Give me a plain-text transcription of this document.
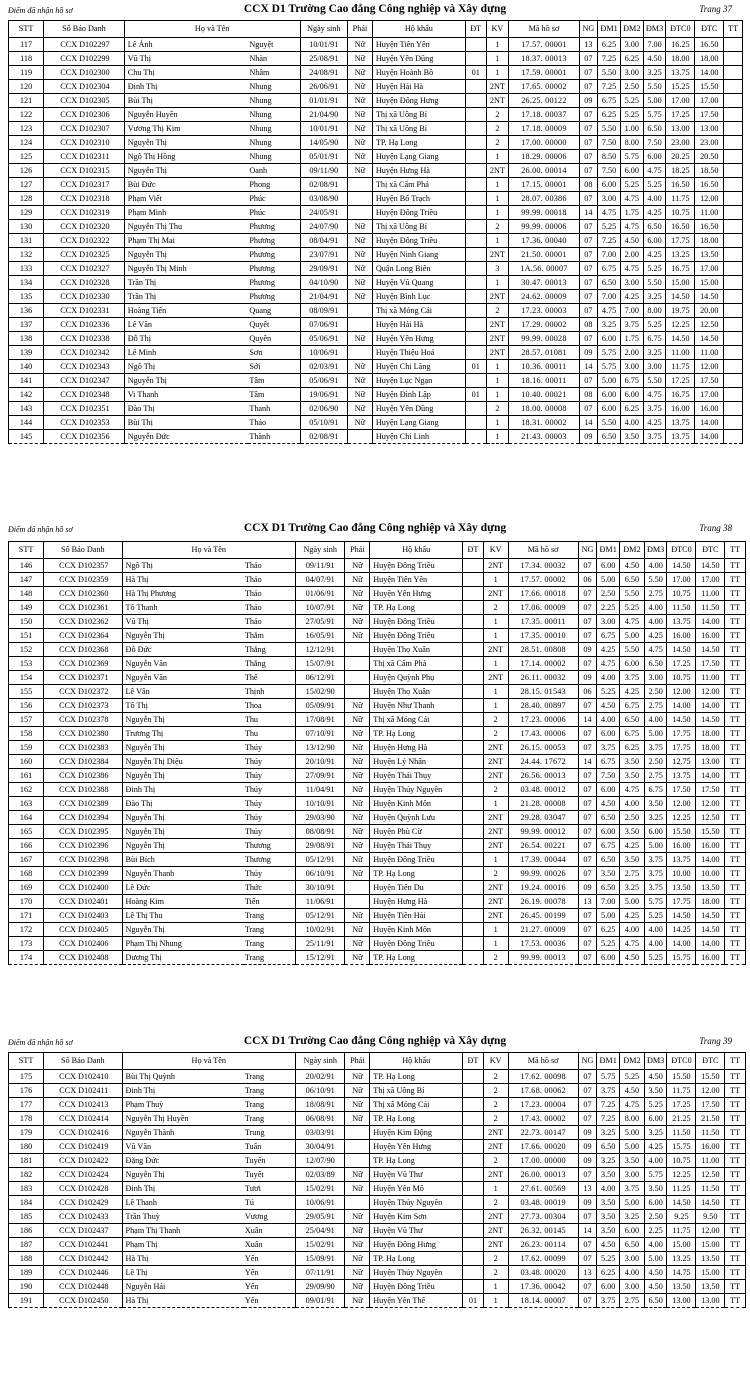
Điểm đã nhận hồ sơ	CCX D1 Trường Cao đẳng Công nghiệp và Xây dựng	Trang 37
STT	Số Báo Danh	Họ và Tên		Ngày sinh	Phái	Hộ khẩu	ĐT	KV	Mã hồ sơ	NG	ĐM1	ĐM2	ĐM3	ĐTC0	ĐTC	TT
117	CCX D102297	Lê Ánh	Nguyệt	10/01/91	Nữ	Huyện Tiên Yên		1	17.57. 00001	13	6.25	3.00	7.00	16.25	16.50	
118	CCX D102299	Vũ Thị	Nhàn	25/08/91	Nữ	Huyện Yên Dũng		1	18.37. 00013	07	7.25	6.25	4.50	18.00	18.00	
119	CCX D102300	Chu Thị	Nhâm	24/08/91	Nữ	Huyện Hoành Bồ	01	1	17.59. 00001	07	5.50	3.00	3.25	13.75	14.00	
120	CCX D102304	Đinh Thị	Nhung	26/06/91	Nữ	Huyện Hải Hà		2NT	17.65. 00002	07	7.25	2.50	5.50	15.25	15.50	
121	CCX D102305	Bùi Thị	Nhung	01/01/91	Nữ	Huyện Đông Hưng		2NT	26.25. 00122	09	6.75	5.25	5.00	17.00	17.00	
122	CCX D102306	Nguyễn Huyền	Nhung	21/04/90	Nữ	Thị xã Uông Bí		2	17.18. 00037	07	6.25	5.25	5.75	17.25	17.50	
123	CCX D102307	Vương Thị Kim	Nhung	10/01/91	Nữ	Thị xã Uông Bí		2	17.18. 00009	07	5.50	1.00	6.50	13.00	13.00	
124	CCX D102310	Nguyễn Thị	Nhung	14/05/90	Nữ	TP. Hạ Long		2	17.00. 00000	07	7.50	8.00	7.50	23.00	23.00	
125	CCX D102311	Ngô Thị Hồng	Nhung	05/01/91	Nữ	Huyện Lạng Giang		1	18.29. 00006	07	8.50	5.75	6.00	20.25	20.50	
126	CCX D102315	Nguyễn Thị	Oanh	09/11/90	Nữ	Huyện Hưng Hà		2NT	26.00. 00014	07	7.50	6.00	4.75	18.25	18.50	
127	CCX D102317	Bùi Đức	Phong	02/08/91		Thị xã Cẩm Phả		1	17.15. 00001	08	6.00	5.25	5.25	16.50	16.50	
128	CCX D102318	Phạm Viết	Phúc	03/08/90		Huyện Bố Trạch		1	28.07. 00386	07	3.00	4.75	4.00	11.75	12.00	
129	CCX D102319	Phạm Minh	Phúc	24/05/91		Huyện Đông Triều		1	99.99. 00018	14	4.75	1.75	4.25	10.75	11.00	
130	CCX D102320	Nguyễn Thị Thu	Phương	24/07/90	Nữ	Thị xã Uông Bí		2	99.99. 00006	07	5.25	4.75	6.50	16.50	16.50	
131	CCX D102322	Phạm Thị Mai	Phương	08/04/91	Nữ	Huyện Đông Triều		1	17.36. 00040	07	7.25	4.50	6.00	17.75	18.00	
132	CCX D102325	Nguyễn Thị	Phương	23/07/91	Nữ	Huyện Ninh Giang		2NT	21.50. 00001	07	7.00	2.00	4.25	13.25	13.50	
133	CCX D102327	Nguyễn Thị Minh	Phương	29/09/91	Nữ	Quận Long Biên		3	1A.56. 00007	07	6.75	4.75	5.25	16.75	17.00	
134	CCX D102328	Trần Thị	Phương	04/10/90	Nữ	Huyện Vũ Quang		1	30.47. 00013	07	6.50	3.00	5.50	15.00	15.00	
135	CCX D102330	Trần Thị	Phương	21/04/91	Nữ	Huyện Bình Lục		2NT	24.62. 00009	07	7.00	4.25	3.25	14.50	14.50	
136	CCX D102331	Hoàng Tiến	Quang	08/09/91		Thị xã Móng Cái		2	17.23. 00003	07	4.75	7.00	8.00	19.75	20.00	
137	CCX D102336	Lê Văn	Quyết	07/06/91		Huyện Hải Hà		2NT	17.29. 00002	08	3.25	3.75	5.25	12.25	12.50	
138	CCX D102338	Đỗ Thị	Quyên	05/06/91	Nữ	Huyện Yên Hưng		2NT	99.99. 00028	07	6.00	1.75	6.75	14.50	14.50	
139	CCX D102342	Lê Minh	Sơn	10/06/91		Huyện Thiệu Hoá		2NT	28.57. 01081	09	5.75	2.00	3.25	11.00	11.00	
140	CCX D102343	Ngô Thị	Sới	02/03/91	Nữ	Huyện Chi Lăng	01	1	10.36. 00011	14	5.75	3.00	3.00	11.75	12.00	
141	CCX D102347	Nguyễn Thị	Tâm	05/06/91	Nữ	Huyện Lục Ngạn		1	18.16. 00011	07	5.00	6.75	5.50	17.25	17.50	
142	CCX D102348	Vi Thanh	Tâm	19/06/91	Nữ	Huyện Đình Lập	01	1	10.40. 00021	08	6.00	6.00	4.75	16.75	17.00	
143	CCX D102351	Đào Thị	Thanh	02/06/90	Nữ	Huyện Yên Dũng		2	18.00. 00008	07	6.00	6.25	3.75	16.00	16.00	
144	CCX D102353	Bùi Thị	Thảo	05/10/91	Nữ	Huyện Lạng Giang		1	18.31. 00002	14	5.50	4.00	4.25	13.75	14.00	
145	CCX D102356	Nguyễn Đức	Thành	02/08/91		Huyện Chí Linh		1	21.43. 00003	09	6.50	3.50	3.75	13.75	14.00	
Điểm đã nhận hồ sơ	CCX D1 Trường Cao đẳng Công nghiệp và Xây dựng	Trang 38
STT	Số Báo Danh	Họ và Tên		Ngày sinh	Phái	Hộ khẩu	ĐT	KV	Mã hồ sơ	NG	ĐM1	ĐM2	ĐM3	ĐTC0	ĐTC	TT
146	CCX D102357	Ngô Thị	Thảo	09/11/91	Nữ	Huyện Đông Triều		2NT	17.34. 00032	07	6.00	4.50	4.00	14.50	14.50	TT
147	CCX D102359	Hà Thị	Thảo	04/07/91	Nữ	Huyện Tiên Yên		1	17.57. 00002	06	5.00	6.50	5.50	17.00	17.00	TT
148	CCX D102360	Hà Thị Phương	Thảo	01/06/91	Nữ	Huyện Yên Hưng		2NT	17.66. 00018	07	2.50	5.50	2.75	10.75	11.00	TT
149	CCX D102361	Tô Thanh	Thảo	10/07/91	Nữ	TP. Hạ Long		2	17.06. 00009	07	2.25	5.25	4.00	11.50	11.50	TT
150	CCX D102362	Vũ Thị	Thảo	27/05/91	Nữ	Huyện Đông Triều		1	17.35. 00011	07	3.00	4.75	4.00	13.75	14.00	TT
151	CCX D102364	Nguyễn Thị	Thắm	16/05/91	Nữ	Huyện Đông Triều		1	17.35. 00010	07	6.75	5.00	4.25	16.00	16.00	TT
152	CCX D102368	Đỗ Đức	Thắng	12/12/91		Huyện Thọ Xuân		2NT	28.51. 00808	09	4.25	5.50	4.75	14.50	14.50	TT
153	CCX D102369	Nguyễn Văn	Thắng	15/07/91		Thị xã Cẩm Phả		1	17.14. 00002	07	4.75	6.00	6.50	17.25	17.50	TT
154	CCX D102371	Nguyễn Văn	Thế	06/12/91		Huyện Quỳnh Phụ		2NT	26.11. 00032	09	4.00	3.75	3.00	10.75	11.00	TT
155	CCX D102372	Lê Văn	Thịnh	15/02/90		Huyện Thọ Xuân		1	28.15. 01543	06	5.25	4.25	2.50	12.00	12.00	TT
156	CCX D102373	Tô Thị	Thoa	05/09/91	Nữ	Huyện Như Thanh		1	28.40. 00897	07	4.50	6.75	2.75	14.00	14.00	TT
157	CCX D102378	Nguyễn Thị	Thu	17/08/91	Nữ	Thị xã Móng Cái		2	17.23. 00006	14	4.00	6.50	4.00	14.50	14.50	TT
158	CCX D102380	Trương Thị	Thu	07/10/91	Nữ	TP. Hạ Long		2	17.43. 00006	07	6.00	6.75	5.00	17.75	18.00	TT
159	CCX D102383	Nguyễn Thị	Thúy	13/12/90	Nữ	Huyện Hưng Hà		2NT	26.15. 00053	07	3.75	6.25	3.75	17.75	18.00	TT
160	CCX D102384	Nguyễn Thị Diệu	Thúy	20/10/91	Nữ	Huyện Lý Nhân		2NT	24.44. 17672	14	6.75	3.50	2.50	12.75	13.00	TT
161	CCX D102386	Nguyễn Thị	Thúy	27/09/91	Nữ	Huyện Thái Thụy		2NT	26.56. 00013	07	7.50	3.50	2.75	13.75	14.00	TT
162	CCX D102388	Đinh Thị	Thúy	11/04/91	Nữ	Huyện Thủy Nguyên		2	03.48. 00012	07	6.00	4.75	6.75	17.50	17.50	TT
163	CCX D102389	Đào Thị	Thúy	10/10/91	Nữ	Huyện Kinh Môn		1	21.28. 00008	07	4.50	4.00	3.50	12.00	12.00	TT
164	CCX D102394	Nguyễn Thị	Thủy	29/03/90	Nữ	Huyện Quỳnh Lưu		2NT	29.28. 03047	07	6.50	2.50	3.25	12.25	12.50	TT
165	CCX D102395	Nguyễn Thị	Thủy	08/08/91	Nữ	Huyện Phù Cừ		2NT	99.99. 00012	07	6.00	3.50	6.00	15.50	15.50	TT
166	CCX D102396	Nguyễn Thị	Thương	29/08/91	Nữ	Huyện Thái Thụy		2NT	26.54. 00221	07	6.75	4.25	5.00	16.00	16.00	TT
167	CCX D102398	Bùi Bích	Thương	05/12/91	Nữ	Huyện Đông Triều		1	17.39. 00044	07	6.50	3.50	3.75	13.75	14.00	TT
168	CCX D102399	Nguyễn Thanh	Thủy	06/10/91	Nữ	TP. Hạ Long		2	99.99. 00026	07	3.50	2.75	3.75	10.00	10.00	TT
169	CCX D102400	Lê Đức	Thức	30/10/91		Huyện Tiên Du		2NT	19.24. 00016	09	6.50	3.25	3.75	13.50	13.50	TT
170	CCX D102401	Hoàng Kim	Tiến	11/06/91		Huyện Hưng Hà		2NT	26.19. 00078	13	7.00	5.00	5.75	17.75	18.00	TT
171	CCX D102403	Lê Thị Thu	Trang	05/12/91	Nữ	Huyện Tiền Hải		2NT	26.45. 00199	07	5.00	4.25	5.25	14.50	14.50	TT
172	CCX D102405	Nguyễn Thị	Trang	10/02/91	Nữ	Huyện Kinh Môn		1	21.27. 00009	07	6.25	4.00	4.00	14.25	14.50	TT
173	CCX D102406	Phạm Thị Nhung	Trang	25/11/91	Nữ	Huyện Đông Triều		1	17.53. 00036	07	5.25	4.75	4.00	14.00	14.00	TT
174	CCX D102408	Dương Thị	Trang	15/12/91	Nữ	TP. Hạ Long		2	99.99. 00013	07	6.00	4.50	5.25	15.75	16.00	TT
Điểm đã nhận hồ sơ	CCX D1 Trường Cao đẳng Công nghiệp và Xây dựng	Trang 39
STT	Số Báo Danh	Họ và Tên		Ngày sinh	Phái	Hộ khẩu	ĐT	KV	Mã hồ sơ	NG	ĐM1	ĐM2	ĐM3	ĐTC0	ĐTC	TT
175	CCX D102410	Bùi Thị Quỳnh	Trang	20/02/91	Nữ	TP. Hạ Long		2	17.62. 00098	07	5.75	5.25	4.50	15.50	15.50	TT
176	CCX D102411	Đinh Thị	Trang	06/10/91	Nữ	Thị xã Uông Bí		2	17.68. 00062	07	3.75	4.50	3.50	11.75	12.00	TT
177	CCX D102413	Phạm Thuỳ	Trang	18/08/91	Nữ	Thị xã Móng Cái		2	17.23. 00004	07	7.25	4.75	5.25	17.25	17.50	TT
178	CCX D102414	Nguyễn Thị Huyền	Trang	06/08/91	Nữ	TP. Hạ Long		2	17.43. 00002	07	7.25	8.00	6.00	21.25	21.50	TT
179	CCX D102416	Nguyễn Thành	Trung	03/03/91		Huyện Kim Động		2NT	22.73. 00147	09	3.25	5.00	3.25	11.50	11.50	TT
180	CCX D102419	Vũ Văn	Tuấn	30/04/91		Huyện Yên Hưng		2NT	17.66. 00020	09	6.50	5.00	4.25	15.75	16.00	TT
181	CCX D102422	Đặng Đức	Tuyến	12/07/90		TP. Hạ Long		2	17.00. 00000	09	3.25	3.50	4.00	10.75	11.00	TT
182	CCX D102424	Nguyễn Thị	Tuyết	02/03/89	Nữ	Huyện Vũ Thư		2NT	26.00. 00013	07	3.50	3.00	5.75	12.25	12.50	TT
183	CCX D102428	Đinh Thị	Tươi	15/02/91	Nữ	Huyện Yên Mô		1	27.61. 00569	13	4.00	3.75	3.50	11.25	11.50	TT
184	CCX D102429	Lê Thanh	Tú	10/06/91		Huyện Thủy Nguyên		2	03.48. 00019	09	3.50	5.00	6.00	14.50	14.50	TT
185	CCX D102433	Trần Thuỳ	Vương	29/05/91	Nữ	Huyện Kim Sơn		2NT	27.73. 00304	07	3.50	3.25	2.50	9.25	9.50	TT
186	CCX D102437	Phạm Thị Thanh	Xuân	25/04/91	Nữ	Huyện Vũ Thư		2NT	26.32. 00145	14	3.50	6.00	2.25	11.75	12.00	TT
187	CCX D102441	Phạm Thị	Xuân	15/02/91	Nữ	Huyện Đông Hưng		2NT	26.23. 00114	07	4.50	6.50	4.00	15.00	15.00	TT
188	CCX D102442	Hà Thị	Yến	15/09/91	Nữ	TP. Hạ Long		2	17.62. 00099	07	5.25	3.00	5.00	13.25	13.50	TT
189	CCX D102446	Lê Thị	Yến	07/11/91	Nữ	Huyện Thủy Nguyên		2	03.48. 00020	13	6.25	4.00	4.50	14.75	15.00	TT
190	CCX D102448	Nguyễn Hải	Yến	29/09/90	Nữ	Huyện Đông Triều		1	17.36. 00042	07	6.00	3.00	4.50	13.50	13.50	TT
191	CCX D102450	Hà Thị	Yến	09/01/91	Nữ	Huyện Yên Thế	01	1	18.14. 00007	07	3.75	2.75	6.50	13.00	13.00	TT
